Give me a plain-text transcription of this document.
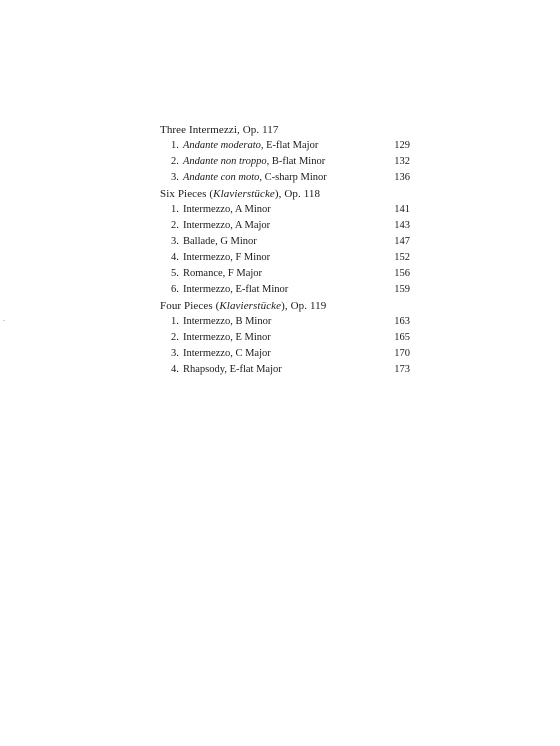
Three Intermezzi, Op. 117
1. Andante moderato, E-flat Major	129
2. Andante non troppo, B-flat Minor	132
3. Andante con moto, C-sharp Minor	136
Six Pieces (Klavierstücke), Op. 118
1. Intermezzo, A Minor	141
2. Intermezzo, A Major	143
3. Ballade, G Minor	147
4. Intermezzo, F Minor	152
5. Romance, F Major	156
6. Intermezzo, E-flat Minor	159
Four Pieces (Klavierstücke), Op. 119
1. Intermezzo, B Minor	163
2. Intermezzo, E Minor	165
3. Intermezzo, C Major	170
4. Rhapsody, E-flat Major	173
